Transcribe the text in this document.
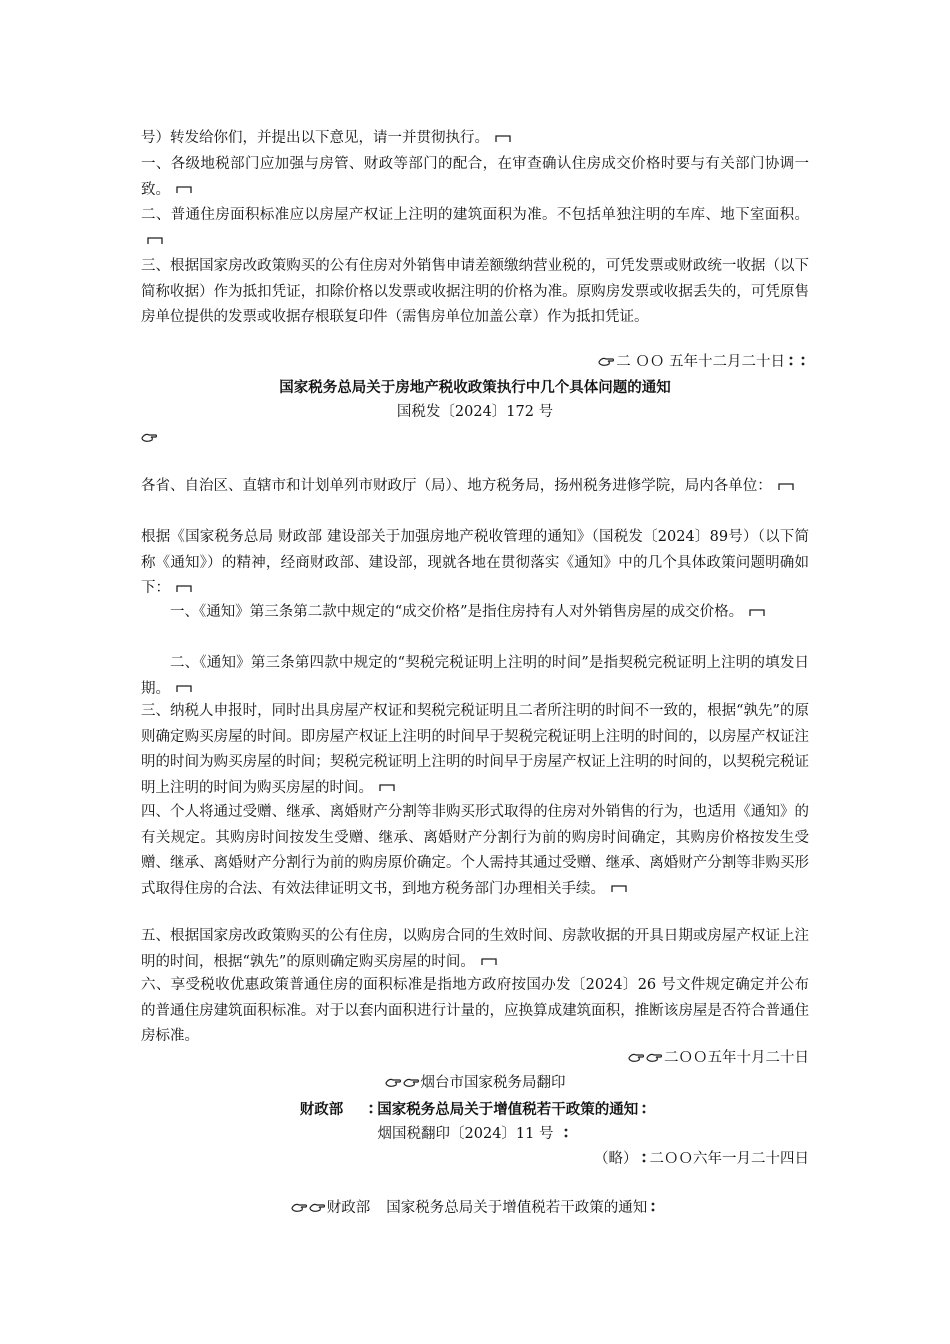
号）转发给你们，并提出以下意见，请一并贯彻执行。
一、各级地税部门应加强与房管、财政等部门的配合，在审查确认住房成交价格时要与有关部门协调一致。
二、普通住房面积标准应以房屋产权证上注明的建筑面积为准。不包括单独注明的车库、地下室面积。
三、根据国家房改政策购买的公有住房对外销售申请差额缴纳营业税的，可凭发票或财政统一收据（以下简称收据）作为抵扣凭证，扣除价格以发票或收据注明的价格为准。原购房发票或收据丢失的，可凭原售房单位提供的发票或收据存根联复印件（需售房单位加盖公章）作为抵扣凭证。
二 ＯＯ 五年十二月二十日
国家税务总局关于房地产税收政策执行中几个具体问题的通知
国税发〔2024〕172 号
各省、自治区、直辖市和计划单列市财政厅（局）、地方税务局，扬州税务进修学院，局内各单位：
根据《国家税务总局 财政部 建设部关于加强房地产税收管理的通知》（国税发〔2024〕89号）（以下简称《通知》）的精神，经商财政部、建设部，现就各地在贯彻落实《通知》中的几个具体政策问题明确如下：
一、《通知》第三条第二款中规定的“成交价格”是指住房持有人对外销售房屋的成交价格。
二、《通知》第三条第四款中规定的“契税完税证明上注明的时间”是指契税完税证明上注明的填发日期。
三、纳税人申报时，同时出具房屋产权证和契税完税证明且二者所注明的时间不一致的，根据“孰先”的原则确定购买房屋的时间。即房屋产权证上注明的时间早于契税完税证明上注明的时间的，以房屋产权证注明的时间为购买房屋的时间；契税完税证明上注明的时间早于房屋产权证上注明的时间的，以契税完税证明上注明的时间为购买房屋的时间。
四、个人将通过受赠、继承、离婚财产分割等非购买形式取得的住房对外销售的行为，也适用《通知》的有关规定。其购房时间按发生受赠、继承、离婚财产分割行为前的购房时间确定，其购房价格按发生受赠、继承、离婚财产分割行为前的购房原价确定。个人需持其通过受赠、继承、离婚财产分割等非购买形式取得住房的合法、有效法律证明文书，到地方税务部门办理相关手续。
五、根据国家房改政策购买的公有住房，以购房合同的生效时间、房款收据的开具日期或房屋产权证上注明的时间，根据“孰先”的原则确定购买房屋的时间。
六、享受税收优惠政策普通住房的面积标准是指地方政府按国办发〔2024〕26 号文件规定确定并公布的普通住房建筑面积标准。对于以套内面积进行计量的，应换算成建筑面积，推断该房屋是否符合普通住房标准。
二ＯＯ五年十月二十日
烟台市国家税务局翻印
财政部 国家税务总局关于增值税若干政策的通知
烟国税翻印〔2024〕11 号
（略） 二ＯＯ六年一月二十四日
财政部 国家税务总局关于增值税若干政策的通知
